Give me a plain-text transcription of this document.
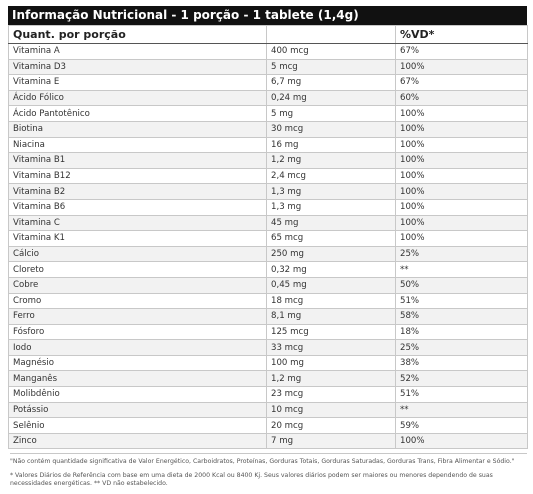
Informação Nutricional - 1 porção - 1 tablete (1,4g)
Quant. por porção		%VD*
Vitamina A	400 mcg	67%
Vitamina D3	5 mcg	100%
Vitamina E	6,7 mg	67%
Ácido Fólico	0,24 mg	60%
Ácido Pantotênico	5 mg	100%
Biotina	30 mcg	100%
Niacina	16 mg	100%
Vitamina B1	1,2 mg	100%
Vitamina B12	2,4 mcg	100%
Vitamina B2	1,3 mg	100%
Vitamina B6	1,3 mg	100%
Vitamina C	45 mg	100%
Vitamina K1	65 mcg	100%
Cálcio	250 mg	25%
Cloreto	0,32 mg	**
Cobre	0,45 mg	50%
Cromo	18 mcg	51%
Ferro	8,1 mg	58%
Fósforo	125 mcg	18%
Iodo	33 mcg	25%
Magnésio	100 mg	38%
Manganês	1,2 mg	52%
Molibdênio	23 mcg	51%
Potássio	10 mcg	**
Selênio	20 mcg	59%
Zinco	7 mg	100%

"Não contém quantidade significativa de Valor Energético, Carboidratos, Proteínas, Gorduras Totais, Gorduras Saturadas, Gorduras Trans, Fibra Alimentar e Sódio."

* Valores Diários de Referência com base em uma dieta de 2000 Kcal ou 8400 Kj. Seus valores diários podem ser maiores ou menores dependendo de suas necessidades energéticas. ** VD não estabelecido.
